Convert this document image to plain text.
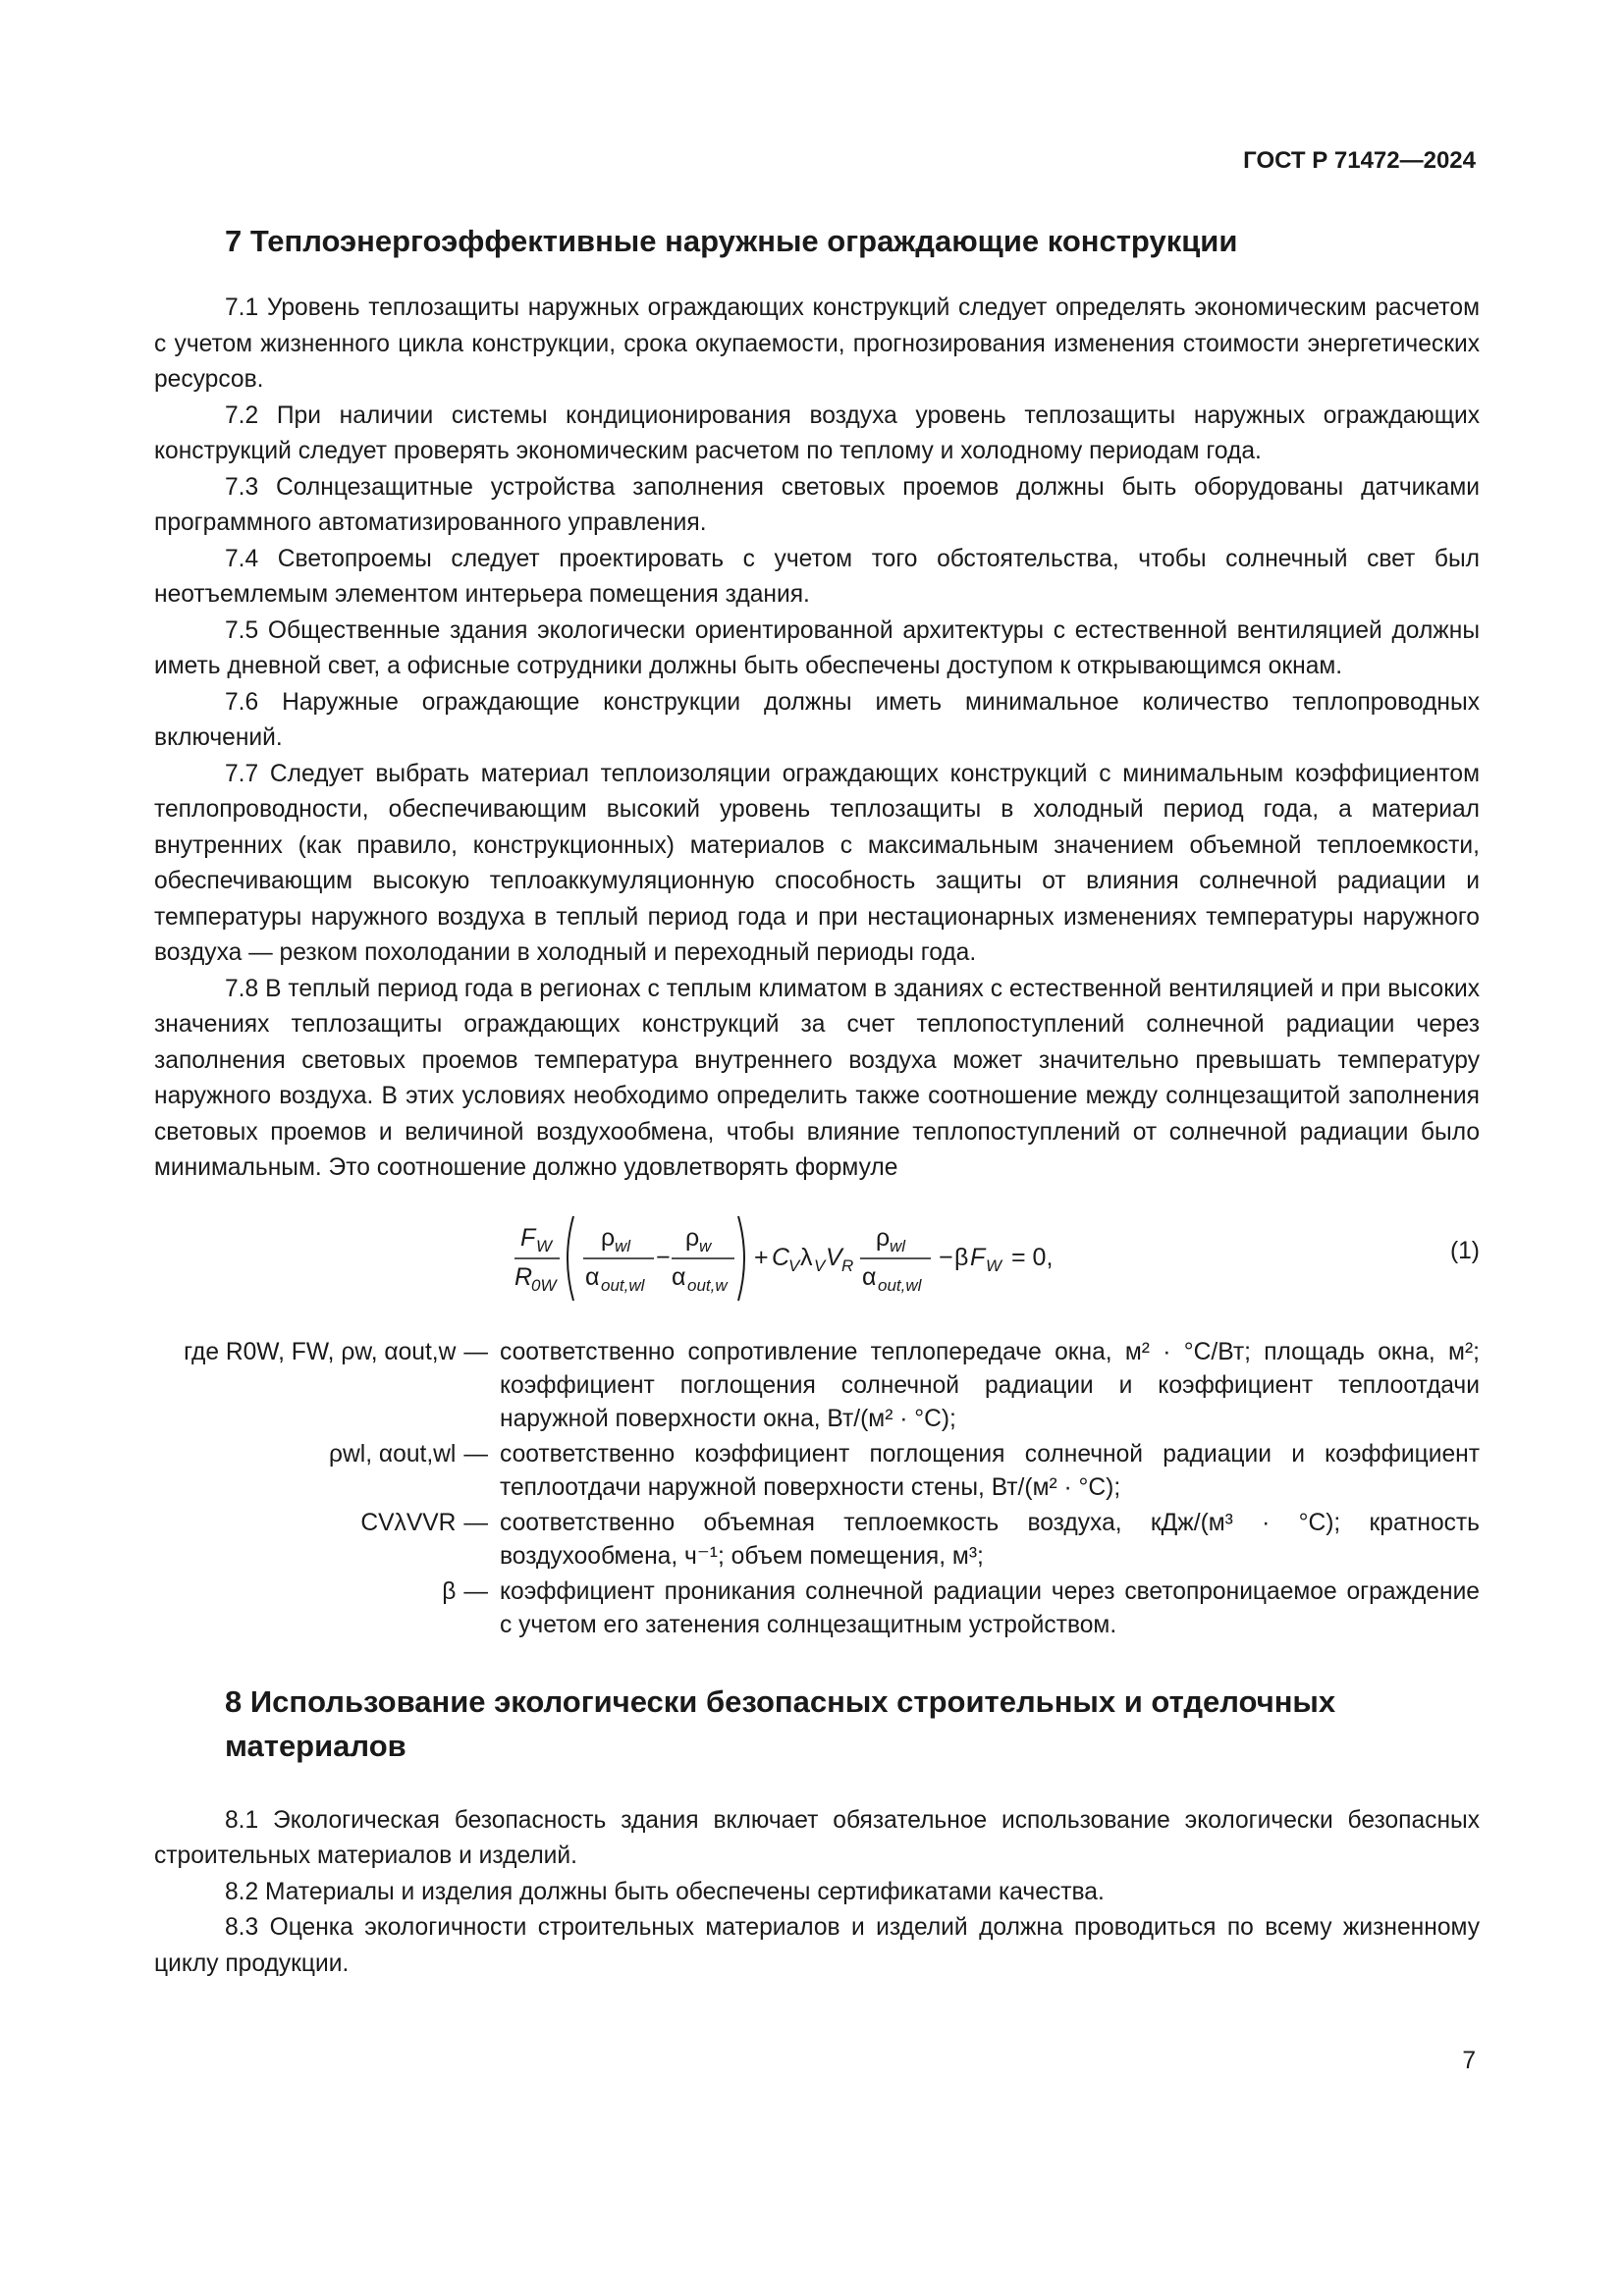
ГОСТ Р 71472—2024
7 Теплоэнергоэффективные наружные ограждающие конструкции

7.1 Уровень теплозащиты наружных ограждающих конструкций следует определять экономическим расчетом с учетом жизненного цикла конструкции, срока окупаемости, прогнозирования изменения стоимости энергетических ресурсов.

7.2 При наличии системы кондиционирования воздуха уровень теплозащиты наружных ограждающих конструкций следует проверять экономическим расчетом по теплому и холодному периодам года.

7.3 Солнцезащитные устройства заполнения световых проемов должны быть оборудованы датчиками программного автоматизированного управления.

7.4 Светопроемы следует проектировать с учетом того обстоятельства, чтобы солнечный свет был неотъемлемым элементом интерьера помещения здания.

7.5 Общественные здания экологически ориентированной архитектуры с естественной вентиляцией должны иметь дневной свет, а офисные сотрудники должны быть обеспечены доступом к открывающимся окнам.

7.6 Наружные ограждающие конструкции должны иметь минимальное количество теплопроводных включений.

7.7 Следует выбрать материал теплоизоляции ограждающих конструкций с минимальным коэффициентом теплопроводности, обеспечивающим высокий уровень теплозащиты в холодный период года, а материал внутренних (как правило, конструкционных) материалов с максимальным значением объемной теплоемкости, обеспечивающим высокую теплоаккумуляционную способность защиты от влияния солнечной радиации и температуры наружного воздуха в теплый период года и при нестационарных изменениях температуры наружного воздуха — резком похолодании в холодный и переходный периоды года.

7.8 В теплый период года в регионах с теплым климатом в зданиях с естественной вентиляцией и при высоких значениях теплозащиты ограждающих конструкций за счет теплопоступлений солнечной радиации через заполнения световых проемов температура внутреннего воздуха может значительно превышать температуру наружного воздуха. В этих условиях необходимо определить также соотношение между солнцезащитой заполнения световых проемов и величиной воздухообмена, чтобы влияние теплопоступлений от солнечной радиации было минимальным. Это соотношение должно удовлетворять формуле

F W
R
0W
ρ wl
α out,wl
−
ρ w
α out,w
+ C
V λ V V R
ρ wl
α out,wl
− β F W = 0,	(1)
где R0W, FW, ρw, αout,w — соответственно сопротивление теплопередаче окна, м² · °С/Вт; площадь окна, м²; коэффициент поглощения солнечной радиации и коэффициент теплоотдачи наружной поверхности окна, Вт/(м² · °С);
ρwl, αout,wl — соответственно коэффициент поглощения солнечной радиации и коэффициент теплоотдачи наружной поверхности стены, Вт/(м² · °С);
CVλVVR — соответственно объемная теплоемкость воздуха, кДж/(м³ · °С); кратность воздухообмена, ч⁻¹; объем помещения, м³;
β — коэффициент проникания солнечной радиации через светопроницаемое ограждение с учетом его затенения солнцезащитным устройством.
8 Использование экологически безопасных строительных и отделочных материалов

8.1 Экологическая безопасность здания включает обязательное использование экологически безопасных строительных материалов и изделий.

8.2 Материалы и изделия должны быть обеспечены сертификатами качества.

8.3 Оценка экологичности строительных материалов и изделий должна проводиться по всему жизненному циклу продукции.

7
